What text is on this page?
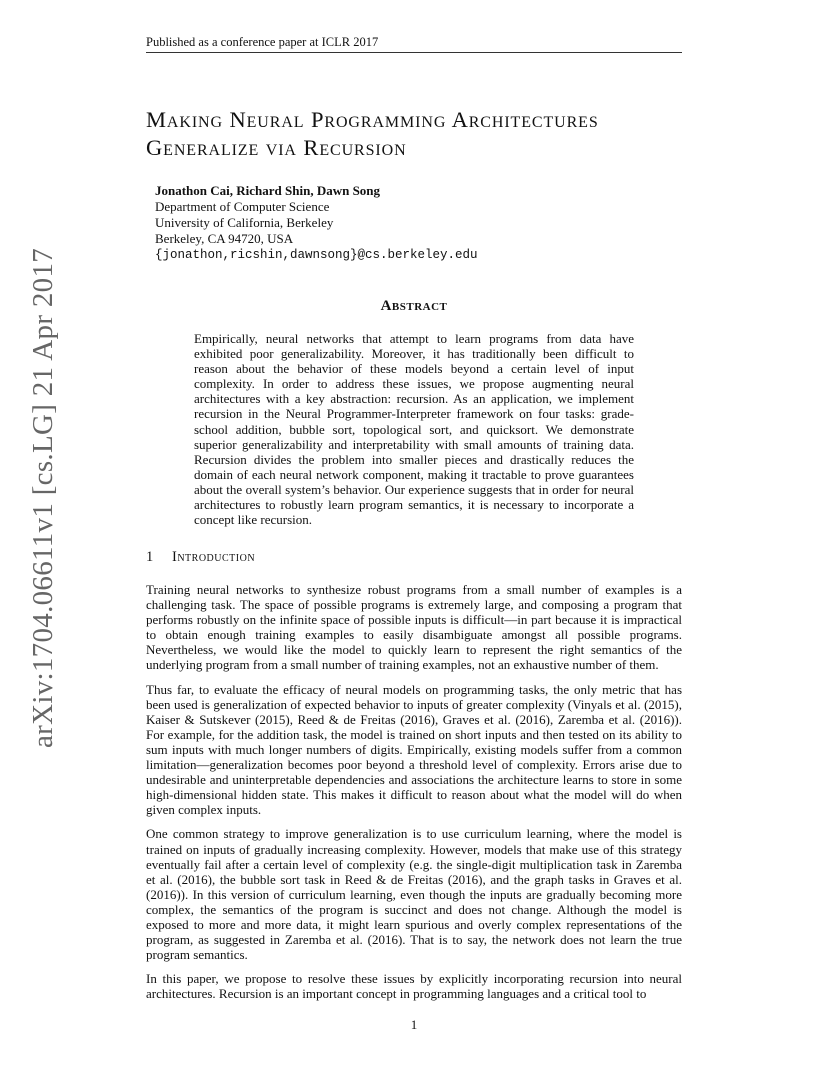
Published as a conference paper at ICLR 2017
arXiv:1704.06611v1 [cs.LG] 21 Apr 2017
Making Neural Programming Architectures
Generalize via Recursion
Jonathon Cai, Richard Shin, Dawn Song
Department of Computer Science
University of California, Berkeley
Berkeley, CA 94720, USA
{jonathon,ricshin,dawnsong}@cs.berkeley.edu
Abstract

Empirically, neural networks that attempt to learn programs from data have exhibited poor generalizability. Moreover, it has traditionally been difficult to reason about the behavior of these models beyond a certain level of input complexity. In order to address these issues, we propose augmenting neural architectures with a key abstraction: recursion. As an application, we implement recursion in the Neural Programmer-Interpreter framework on four tasks: grade-school addition, bubble sort, topological sort, and quicksort. We demonstrate superior generalizability and interpretability with small amounts of training data. Recursion divides the problem into smaller pieces and drastically reduces the domain of each neural network component, making it tractable to prove guarantees about the overall system’s behavior. Our experience suggests that in order for neural architectures to robustly learn program semantics, it is necessary to incorporate a concept like recursion.

1 Introduction

Training neural networks to synthesize robust programs from a small number of examples is a challenging task. The space of possible programs is extremely large, and composing a program that performs robustly on the infinite space of possible inputs is difficult—in part because it is impractical to obtain enough training examples to easily disambiguate amongst all possible programs. Nevertheless, we would like the model to quickly learn to represent the right semantics of the underlying program from a small number of training examples, not an exhaustive number of them.

Thus far, to evaluate the efficacy of neural models on programming tasks, the only metric that has been used is generalization of expected behavior to inputs of greater complexity (Vinyals et al. (2015), Kaiser & Sutskever (2015), Reed & de Freitas (2016), Graves et al. (2016), Zaremba et al. (2016)). For example, for the addition task, the model is trained on short inputs and then tested on its ability to sum inputs with much longer numbers of digits. Empirically, existing models suffer from a common limitation—generalization becomes poor beyond a threshold level of complexity. Errors arise due to undesirable and uninterpretable dependencies and associations the architecture learns to store in some high-dimensional hidden state. This makes it difficult to reason about what the model will do when given complex inputs.

One common strategy to improve generalization is to use curriculum learning, where the model is trained on inputs of gradually increasing complexity. However, models that make use of this strategy eventually fail after a certain level of complexity (e.g. the single-digit multiplication task in Zaremba et al. (2016), the bubble sort task in Reed & de Freitas (2016), and the graph tasks in Graves et al. (2016)). In this version of curriculum learning, even though the inputs are gradually becoming more complex, the semantics of the program is succinct and does not change. Although the model is exposed to more and more data, it might learn spurious and overly complex representations of the program, as suggested in Zaremba et al. (2016). That is to say, the network does not learn the true program semantics.

In this paper, we propose to resolve these issues by explicitly incorporating recursion into neural architectures. Recursion is an important concept in programming languages and a critical tool to

1
